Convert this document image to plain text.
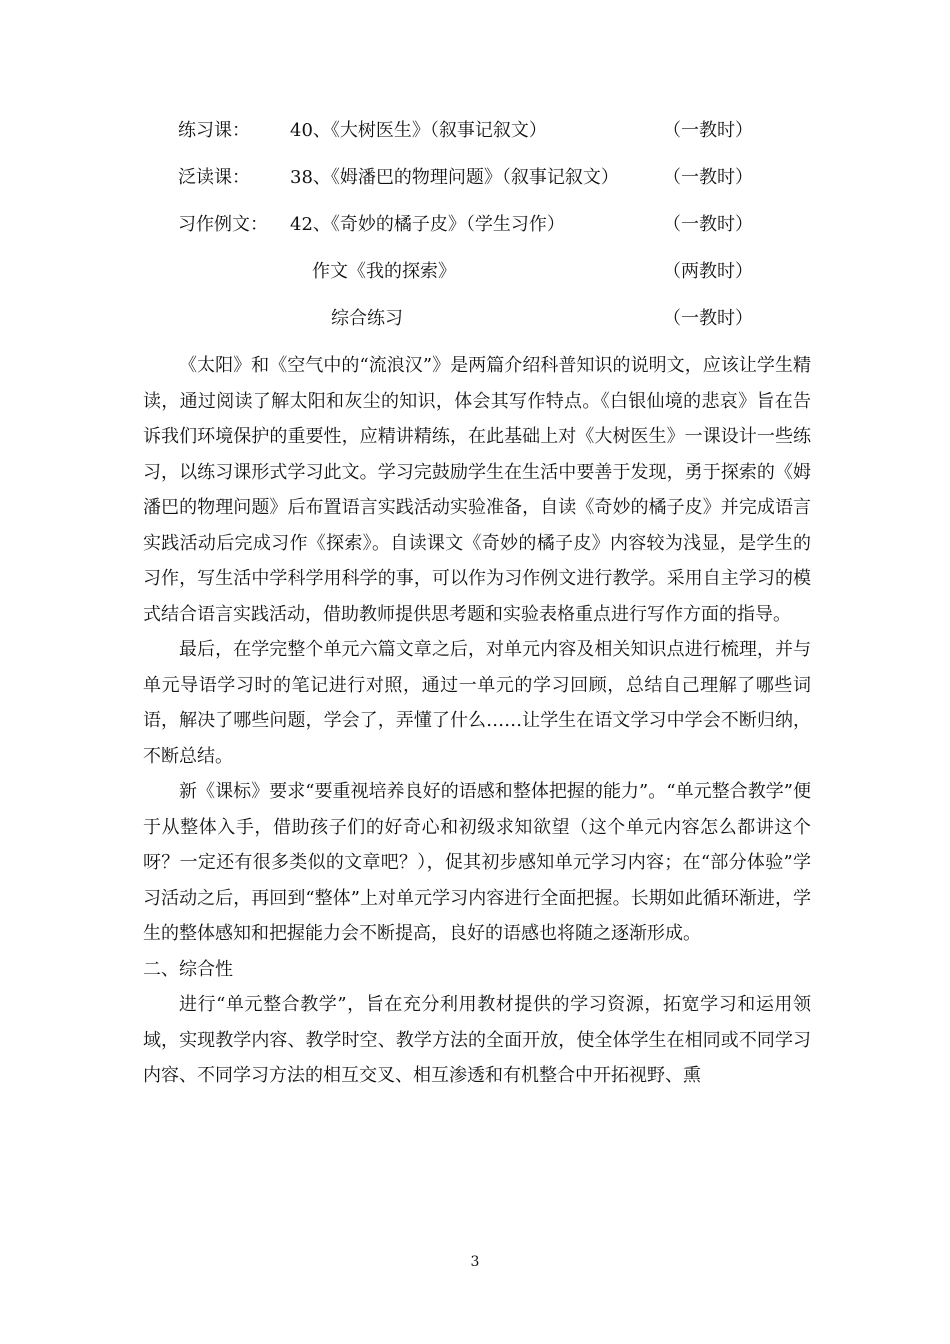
练习课： 40、《大树医生》（叙事记叙文）	（一教时）
泛读课： 38、《姆潘巴的物理问题》（叙事记叙文） （一教时）
习作例文： 42、《奇妙的橘子皮》（学生习作）	（一教时）
作文《我的探索》	（两教时）
综合练习	（一教时）

《太阳》和《空气中的“流浪汉”》是两篇介绍科普知识的说明文，应该让学生精读，通过阅读了解太阳和灰尘的知识，体会其写作特点。《白银仙境的悲哀》旨在告诉我们环境保护的重要性，应精讲精练，在此基础上对《大树医生》一课设计一些练习，以练习课形式学习此文。学习完鼓励学生在生活中要善于发现，勇于探索的《姆潘巴的物理问题》后布置语言实践活动实验准备，自读《奇妙的橘子皮》并完成语言实践活动后完成习作《探索》。自读课文《奇妙的橘子皮》内容较为浅显，是学生的习作，写生活中学科学用科学的事，可以作为习作例文进行教学。采用自主学习的模式结合语言实践活动，借助教师提供思考题和实验表格重点进行写作方面的指导。

最后，在学完整个单元六篇文章之后，对单元内容及相关知识点进行梳理，并与单元导语学习时的笔记进行对照，通过一单元的学习回顾，总结自己理解了哪些词语，解决了哪些问题，学会了，弄懂了什么……让学生在语文学习中学会不断归纳，不断总结。

新《课标》要求“要重视培养良好的语感和整体把握的能力”。“单元整合教学”便于从整体入手，借助孩子们的好奇心和初级求知欲望（这个单元内容怎么都讲这个呀？一定还有很多类似的文章吧？），促其初步感知单元学习内容；在“部分体验”学习活动之后，再回到“整体”上对单元学习内容进行全面把握。长期如此循环渐进，学生的整体感知和把握能力会不断提高，良好的语感也将随之逐渐形成。

二、综合性

进行“单元整合教学”，旨在充分利用教材提供的学习资源，拓宽学习和运用领域，实现教学内容、教学时空、教学方法的全面开放，使全体学生在相同或不同学习内容、不同学习方法的相互交叉、相互渗透和有机整合中开拓视野、熏

3
